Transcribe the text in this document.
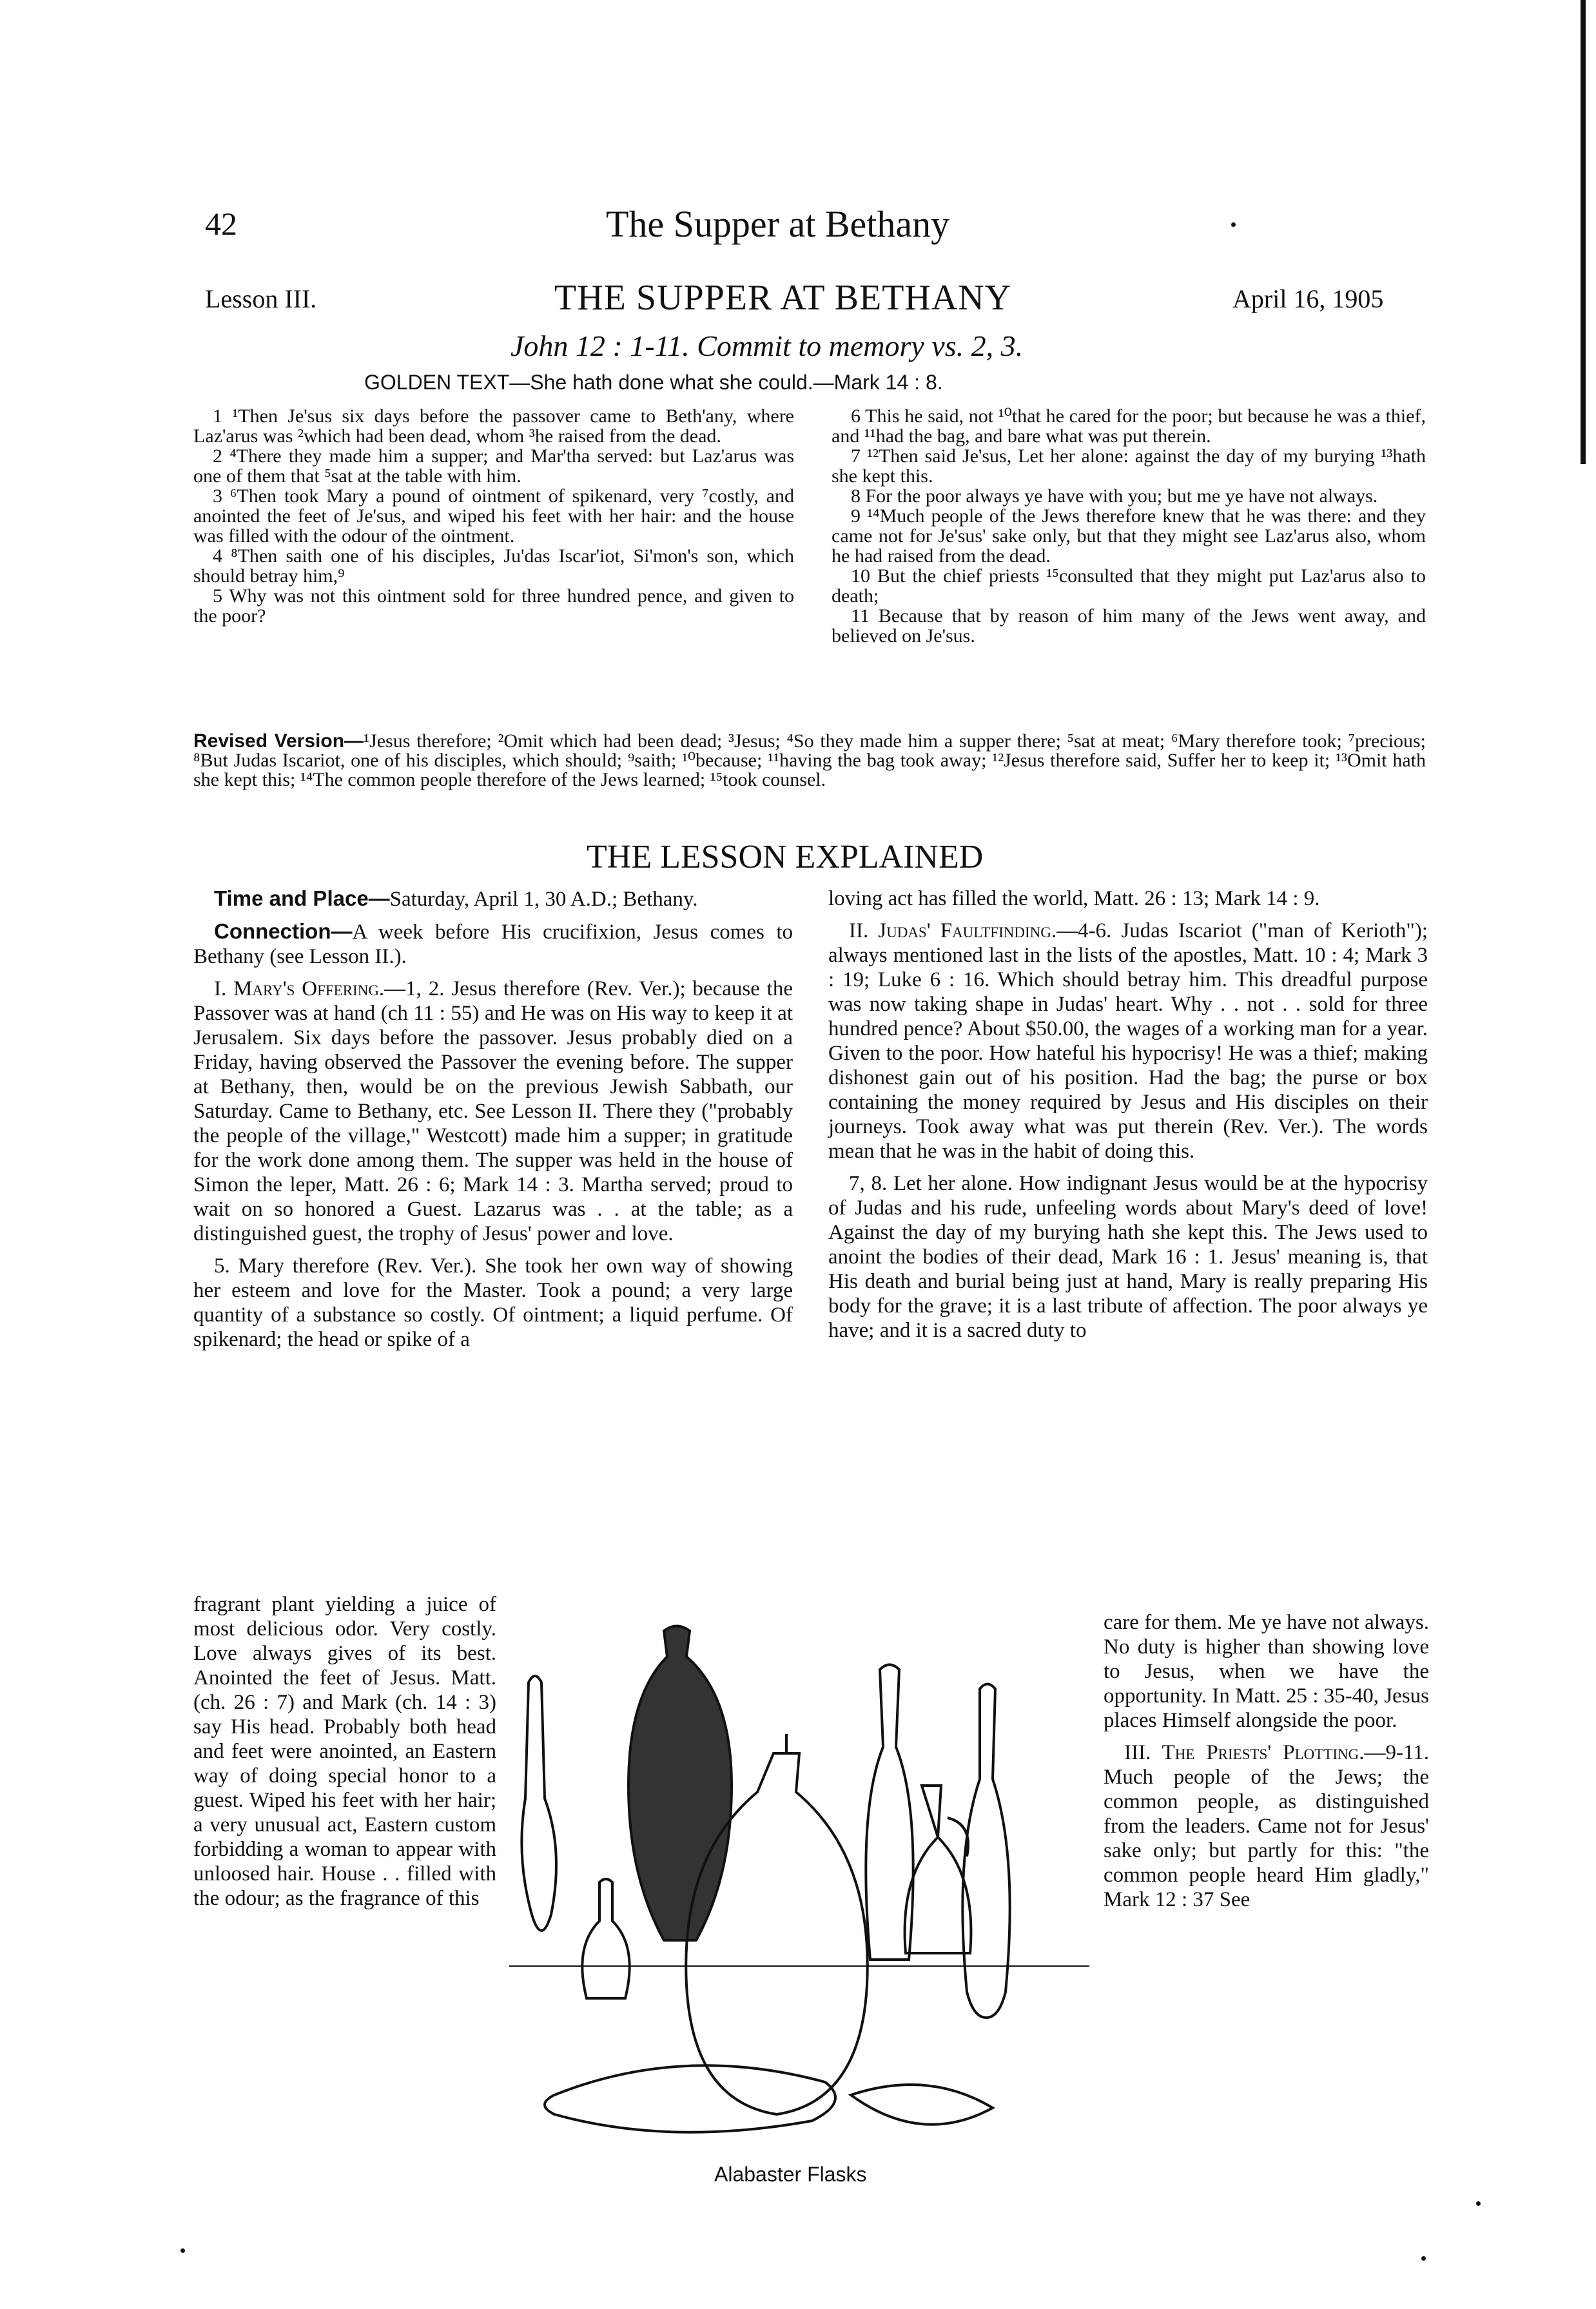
42	The Supper at Bethany
Lesson III.	THE SUPPER AT BETHANY	April 16, 1905
John 12 : 1-11. Commit to memory vs. 2, 3.
GOLDEN TEXT—She hath done what she could.—Mark 14 : 8.

1 ¹Then Je'sus six days before the passover came to Beth'any, where Laz'arus was ²which had been dead, whom ³he raised from the dead.

2 ⁴There they made him a supper; and Mar'tha served: but Laz'arus was one of them that ⁵sat at the table with him.

3 ⁶Then took Mary a pound of ointment of spikenard, very ⁷costly, and anointed the feet of Je'sus, and wiped his feet with her hair: and the house was filled with the odour of the ointment.

4 ⁸Then saith one of his disciples, Ju'das Iscar'iot, Si'mon's son, which should betray him,⁹

5 Why was not this ointment sold for three hundred pence, and given to the poor?

6 This he said, not ¹⁰that he cared for the poor; but because he was a thief, and ¹¹had the bag, and bare what was put therein.

7 ¹²Then said Je'sus, Let her alone: against the day of my burying ¹³hath she kept this.

8 For the poor always ye have with you; but me ye have not always.

9 ¹⁴Much people of the Jews therefore knew that he was there: and they came not for Je'sus' sake only, but that they might see Laz'arus also, whom he had raised from the dead.

10 But the chief priests ¹⁵consulted that they might put Laz'arus also to death;

11 Because that by reason of him many of the Jews went away, and believed on Je'sus.

Revised Version—¹Jesus therefore; ²Omit which had been dead; ³Jesus; ⁴So they made him a supper there; ⁵sat at meat; ⁶Mary therefore took; ⁷precious; ⁸But Judas Iscariot, one of his disciples, which should; ⁹saith; ¹⁰because; ¹¹having the bag took away; ¹²Jesus therefore said, Suffer her to keep it; ¹³Omit hath she kept this; ¹⁴The common people therefore of the Jews learned; ¹⁵took counsel.
THE LESSON EXPLAINED

Time and Place—Saturday, April 1, 30 A.D.; Bethany.

Connection—A week before His crucifixion, Jesus comes to Bethany (see Lesson II.).

I. Mary's Offering.—1, 2. Jesus therefore (Rev. Ver.); because the Passover was at hand (ch 11 : 55) and He was on His way to keep it at Jerusalem. Six days before the passover. Jesus probably died on a Friday, having observed the Passover the evening before. The supper at Bethany, then, would be on the previous Jewish Sabbath, our Saturday. Came to Bethany, etc. See Lesson II. There they ("probably the people of the village," Westcott) made him a supper; in gratitude for the work done among them. The supper was held in the house of Simon the leper, Matt. 26 : 6; Mark 14 : 3. Martha served; proud to wait on so honored a Guest. Lazarus was . . at the table; as a distinguished guest, the trophy of Jesus' power and love.

5. Mary therefore (Rev. Ver.). She took her own way of showing her esteem and love for the Master. Took a pound; a very large quantity of a substance so costly. Of ointment; a liquid perfume. Of spikenard; the head or spike of a

fragrant plant yielding a juice of most delicious odor. Very costly. Love always gives of its best. Anointed the feet of Jesus. Matt. (ch. 26 : 7) and Mark (ch. 14 : 3) say His head. Probably both head and feet were anointed, an Eastern way of doing special honor to a guest. Wiped his feet with her hair; a very unusual act, Eastern custom forbidding a woman to appear with unloosed hair. House . . filled with the odour; as the fragrance of this

loving act has filled the world, Matt. 26 : 13; Mark 14 : 9.

II. Judas' Faultfinding.—4-6. Judas Iscariot ("man of Kerioth"); always mentioned last in the lists of the apostles, Matt. 10 : 4; Mark 3 : 19; Luke 6 : 16. Which should betray him. This dreadful purpose was now taking shape in Judas' heart. Why . . not . . sold for three hundred pence? About $50.00, the wages of a working man for a year. Given to the poor. How hateful his hypocrisy! He was a thief; making dishonest gain out of his position. Had the bag; the purse or box containing the money required by Jesus and His disciples on their journeys. Took away what was put therein (Rev. Ver.). The words mean that he was in the habit of doing this.

7, 8. Let her alone. How indignant Jesus would be at the hypocrisy of Judas and his rude, unfeeling words about Mary's deed of love! Against the day of my burying hath she kept this. The Jews used to anoint the bodies of their dead, Mark 16 : 1. Jesus' meaning is, that His death and burial being just at hand, Mary is really preparing His body for the grave; it is a last tribute of affection. The poor always ye have; and it is a sacred duty to

care for them. Me ye have not always. No duty is higher than showing love to Jesus, when we have the opportunity. In Matt. 25 : 35-40, Jesus places Himself alongside the poor.

III. The Priests' Plotting.—9-11. Much people of the Jews; the common people, as distinguished from the leaders. Came not for Jesus' sake only; but partly for this: "the common people heard Him gladly," Mark 12 : 37 See

Alabaster Flasks
